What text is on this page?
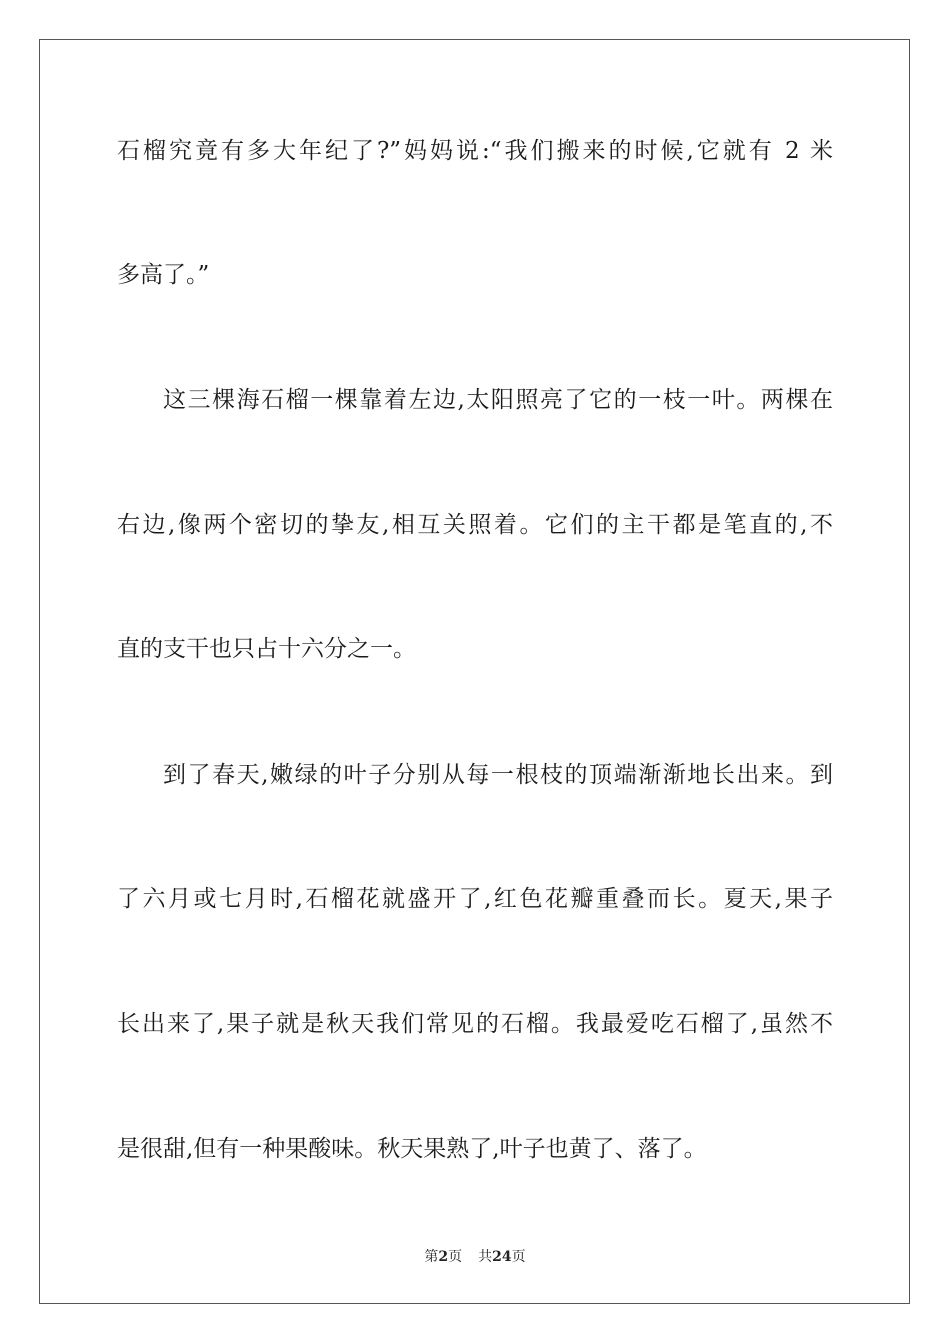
石榴究竟有多大年纪了?”妈妈说:“我们搬来的时候,它就有 2 米
多高了。”
这三棵海石榴一棵靠着左边,太阳照亮了它的一枝一叶。两棵在
右边,像两个密切的挚友,相互关照着。它们的主干都是笔直的,不
直的支干也只占十六分之一。
到了春天,嫩绿的叶子分别从每一根枝的顶端渐渐地长出来。到
了六月或七月时,石榴花就盛开了,红色花瓣重叠而长。夏天,果子
长出来了,果子就是秋天我们常见的石榴。我最爱吃石榴了,虽然不
是很甜,但有一种果酸味。秋天果熟了,叶子也黄了、落了。
第2页 共24页
